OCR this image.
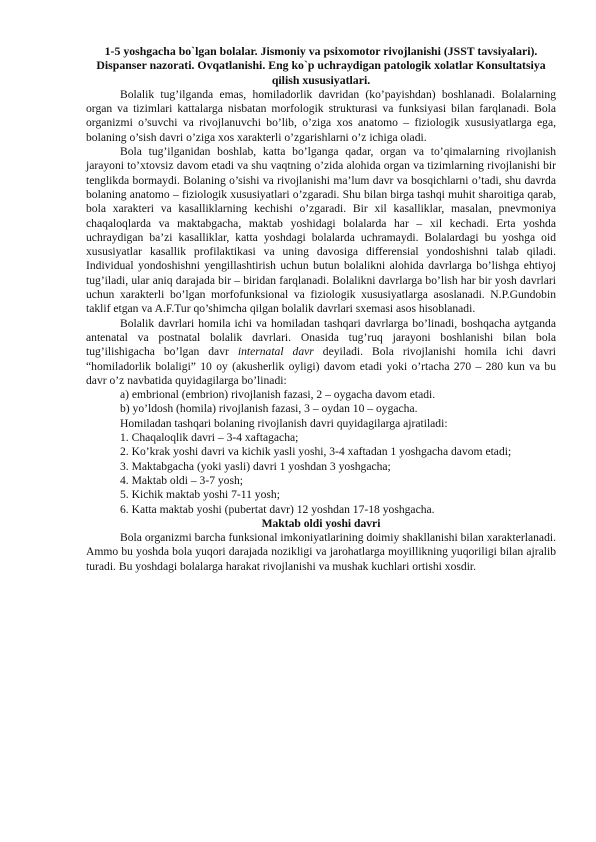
1-5 yoshgacha bo`lgan bolalar. Jismoniy va psixomotor rivojlanishi (JSST tavsiyalari). Dispanser nazorati. Ovqatlanishi. Eng ko`p uchraydigan patologik xolatlar Konsultatsiya qilish xususiyatlari.

Bolalik tug’ilganda emas, homiladorlik davridan (ko’payishdan) boshlanadi. Bolalarning organ va tizimlari kattalarga nisbatan morfologik strukturasi va funksiyasi bilan farqlanadi. Bola organizmi o’suvchi va rivojlanuvchi bo’lib, o’ziga xos anatomo – fiziologik xususiyatlarga ega, bolaning o’sish davri o’ziga xos xarakterli o’zgarishlarni o’z ichiga oladi.

Bola tug’ilganidan boshlab, katta bo’lganga qadar, organ va to’qimalarning rivojlanish jarayoni to’xtovsiz davom etadi va shu vaqtning o’zida alohida organ va tizimlarning rivojlanishi bir tenglikda bormaydi. Bolaning o’sishi va rivojlanishi ma’lum davr va bosqichlarni o’tadi, shu davrda bolaning anatomo – fiziologik xususiyatlari o’zgaradi. Shu bilan birga tashqi muhit sharoitiga qarab, bola xarakteri va kasalliklarning kechishi o’zgaradi. Bir xil kasalliklar, masalan, pnevmoniya chaqaloqlarda va maktabgacha, maktab yoshidagi bolalarda har – xil kechadi. Erta yoshda uchraydigan ba’zi kasalliklar, katta yoshdagi bolalarda uchramaydi. Bolalardagi bu yoshga oid xususiyatlar kasallik profilaktikasi va uning davosiga differensial yondoshishni talab qiladi. Individual yondoshishni yengillashtirish uchun butun bolalikni alohida davrlarga bo’lishga ehtiyoj tug’iladi, ular aniq darajada bir – biridan farqlanadi. Bolalikni davrlarga bo’lish har bir yosh davrlari uchun xarakterli bo’lgan morfofunksional va fiziologik xususiyatlarga asoslanadi. N.P.Gundobin taklif etgan va A.F.Tur qo’shimcha qilgan bolalik davrlari sxemasi asos hisoblanadi.

Bolalik davrlari homila ichi va homiladan tashqari davrlarga bo’linadi, boshqacha aytganda antenatal va postnatal bolalik davrlari. Onasida tug’ruq jarayoni boshlanishi bilan bola tug’ilishigacha bo’lgan davr internatal davr deyiladi. Bola rivojlanishi homila ichi davri “homiladorlik bolaligi” 10 oy (akusherlik oyligi) davom etadi yoki o’rtacha 270 – 280 kun va bu davr o’z navbatida quyidagilarga bo’linadi:

a) embrional (embrion) rivojlanish fazasi, 2 – oygacha davom etadi.

b) yo’ldosh (homila) rivojlanish fazasi, 3 – oydan 10 – oygacha.

Homiladan tashqari bolaning rivojlanish davri quyidagilarga ajratiladi:

1. Chaqaloqlik davri – 3-4 xaftagacha;

2. Ko’krak yoshi davri va kichik yasli yoshi, 3-4 xaftadan 1 yoshgacha davom etadi;

3. Maktabgacha (yoki yasli) davri 1 yoshdan 3 yoshgacha;

4. Maktab oldi – 3-7 yosh;

5. Kichik maktab yoshi 7-11 yosh;

6. Katta maktab yoshi (pubertat davr) 12 yoshdan 17-18 yoshgacha.

Maktab oldi yoshi davri

Bola organizmi barcha funksional imkoniyatlarining doimiy shakllanishi bilan xarakterlanadi. Ammo bu yoshda bola yuqori darajada nozikligi va jarohatlarga moyillikning yuqoriligi bilan ajralib turadi. Bu yoshdagi bolalarga harakat rivojlanishi va mushak kuchlari ortishi xosdir.
